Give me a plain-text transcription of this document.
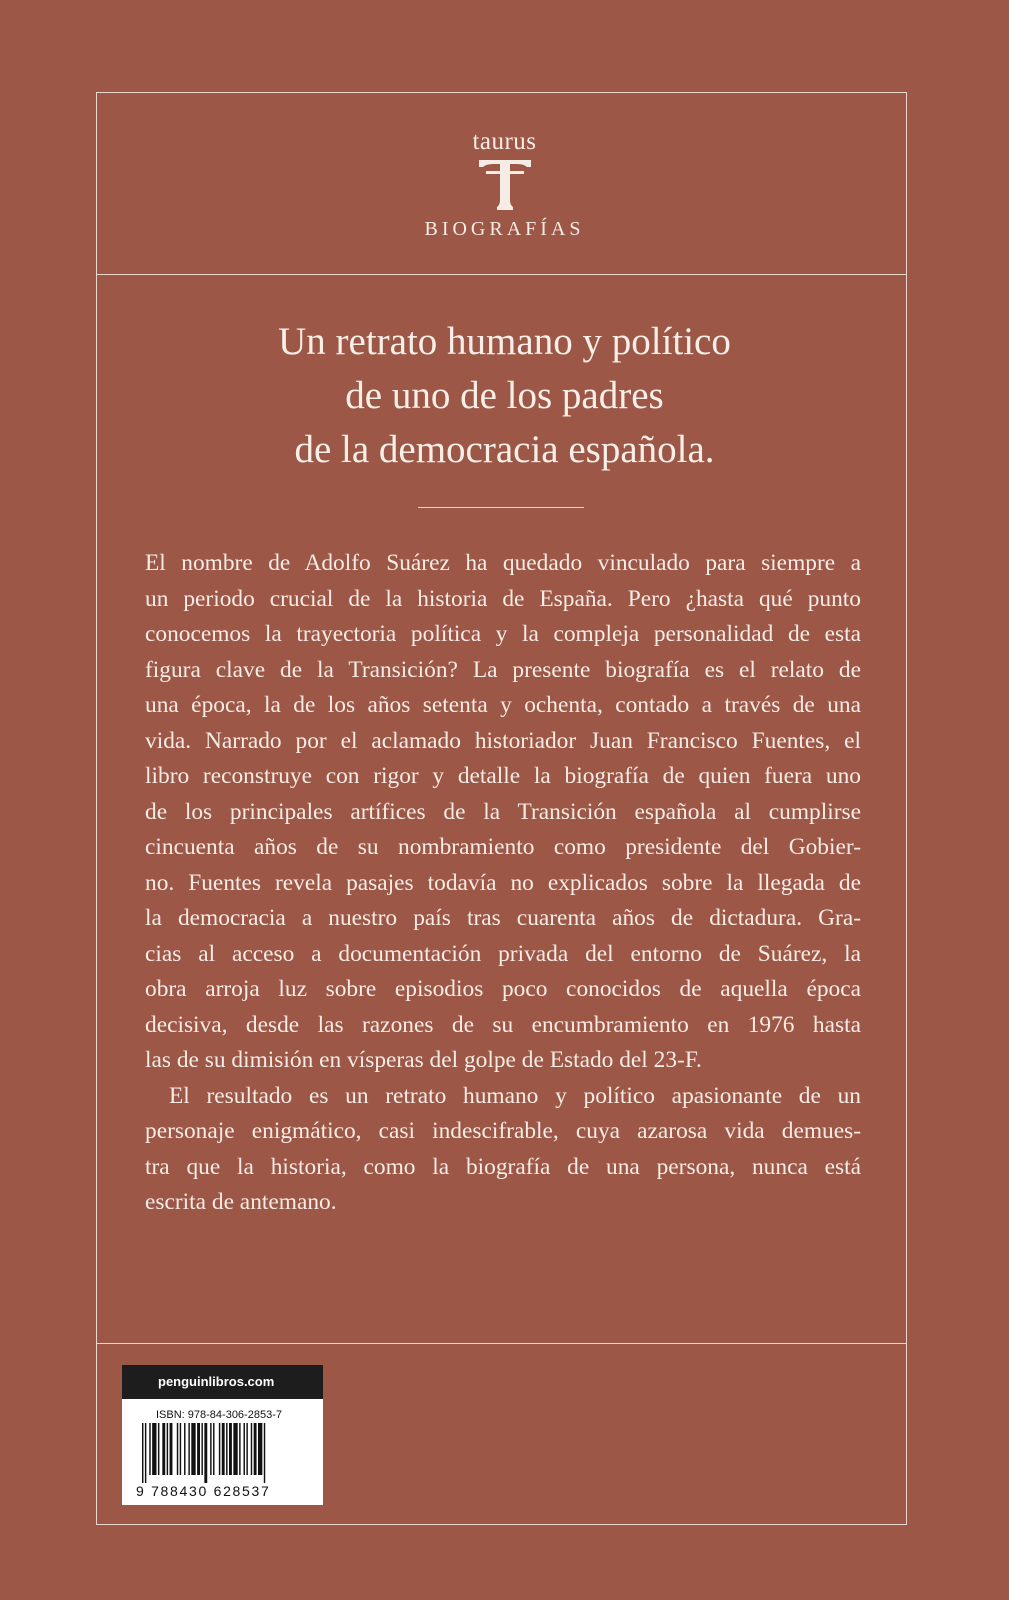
taurus
BIOGRAFÍAS
Un retrato humano y político
de uno de los padres
de la democracia española.
El nombre de Adolfo Suárez ha quedado vinculado para siempre a
un periodo crucial de la historia de España. Pero ¿hasta qué punto
conocemos la trayectoria política y la compleja personalidad de esta
figura clave de la Transición? La presente biografía es el relato de
una época, la de los años setenta y ochenta, contado a través de una
vida. Narrado por el aclamado historiador Juan Francisco Fuentes, el
libro reconstruye con rigor y detalle la biografía de quien fuera uno
de los principales artífices de la Transición española al cumplirse
cincuenta años de su nombramiento como presidente del Gobier-
no. Fuentes revela pasajes todavía no explicados sobre la llegada de
la democracia a nuestro país tras cuarenta años de dictadura. Gra-
cias al acceso a documentación privada del entorno de Suárez, la
obra arroja luz sobre episodios poco conocidos de aquella época
decisiva, desde las razones de su encumbramiento en 1976 hasta
las de su dimisión en vísperas del golpe de Estado del 23-F.
El resultado es un retrato humano y político apasionante de un
personaje enigmático, casi indescifrable, cuya azarosa vida demues-
tra que la historia, como la biografía de una persona, nunca está
escrita de antemano.
penguinlibros.com
ISBN: 978-84-306-2853-7
9 788430 628537
